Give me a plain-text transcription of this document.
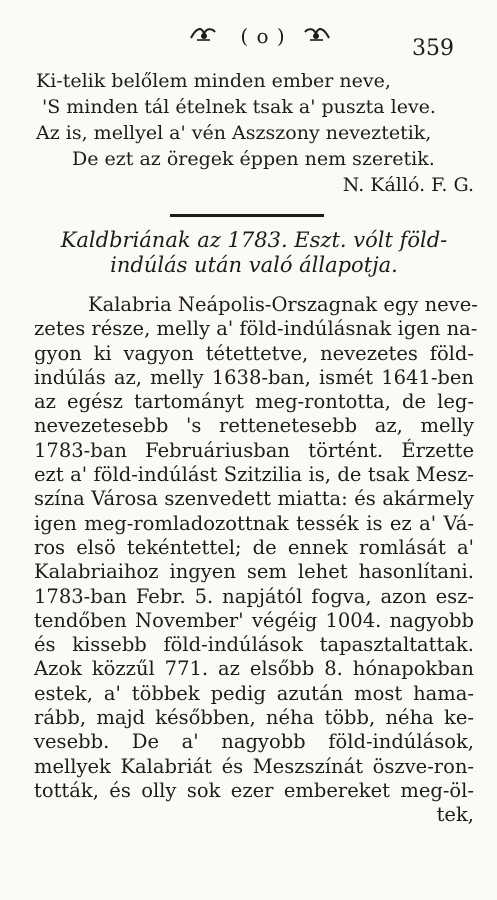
( o )	359
Ki-telik belőlem minden ember neve,
'S minden tál ételnek tsak a' puszta leve.
Az is, mellyel a' vén Aszszony neveztetik,
De ezt az öregek éppen nem szeretik.
N. Kálló. F. G.
Kaldbriának az 1783. Eszt. vólt föld-indúlás után való állapotja.
Kalabria Neápolis-Orszagnak egy neve-
zetes része, melly a' föld-indúlásnak igen na-
gyon ki vagyon tétettetve, nevezetes föld-
indúlás az, melly 1638-ban, ismét 1641-ben
az egész tartományt meg-rontotta, de leg-
nevezetesebb 's rettenetesebb az, melly
1783-ban Februáriusban történt. Érzette
ezt a' föld-indúlást Szitzilia is, de tsak Mesz-
szína Városa szenvedett miatta: és akármely
igen meg-romladozottnak tessék is ez a' Vá-
ros elsö tekéntettel; de ennek romlását a'
Kalabriaihoz ingyen sem lehet hasonlítani.
1783-ban Febr. 5. napjától fogva, azon esz-
tendőben November' végéig 1004. nagyobb
és kissebb föld-indúlások tapasztaltattak.
Azok közzűl 771. az elsőbb 8. hónapokban
estek, a' többek pedig azután most hama-
rább, majd későbben, néha több, néha ke-
vesebb. De a' nagyobb föld-indúlások,
mellyek Kalabriát és Meszszínát öszve-ron-
tották, és olly sok ezer embereket meg-öl-
tek,
